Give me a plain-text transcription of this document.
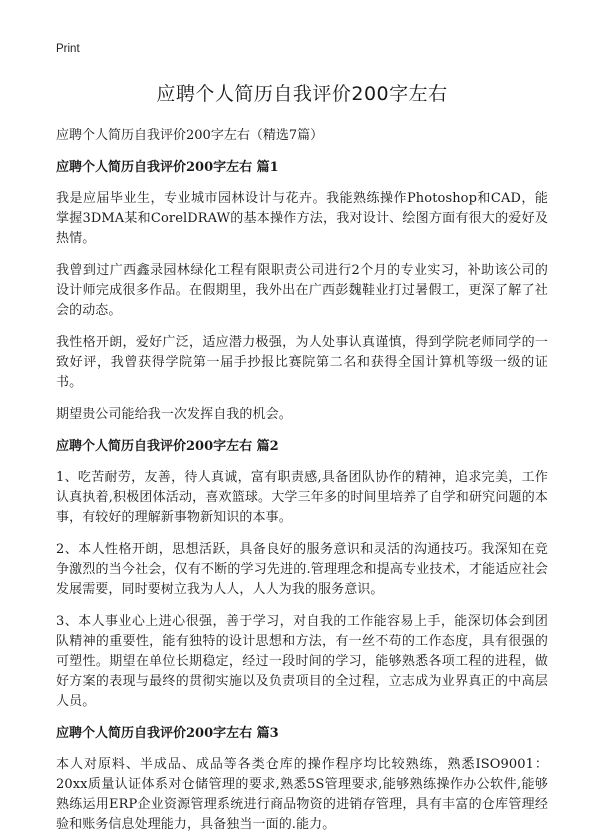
Print
应聘个人简历自我评价200字左右
应聘个人简历自我评价200字左右（精选7篇）
应聘个人简历自我评价200字左右 篇1

我是应届毕业生，专业城市园林设计与花卉。我能熟练操作Photoshop和CAD，能掌握3DMA某和CorelDRAW的基本操作方法，我对设计、绘图方面有很大的爱好及热情。

我曾到过广西鑫录园林绿化工程有限职责公司进行2个月的专业实习，补助该公司的设计师完成很多作品。在假期里，我外出在广西彭魏鞋业打过暑假工，更深了解了社会的动态。

我性格开朗，爱好广泛，适应潜力极强，为人处事认真谨慎，得到学院老师同学的一致好评，我曾获得学院第一届手抄报比赛院第二名和获得全国计算机等级一级的证书。

期望贵公司能给我一次发挥自我的机会。

应聘个人简历自我评价200字左右 篇2

1、吃苦耐劳，友善，待人真诚，富有职责感,具备团队协作的精神，追求完美，工作认真执着,积极团体活动，喜欢篮球。大学三年多的时间里培养了自学和研究问题的本事，有较好的理解新事物新知识的本事。

2、本人性格开朗，思想活跃，具备良好的服务意识和灵活的沟通技巧。我深知在竞争激烈的当今社会，仅有不断的学习先进的.管理理念和提高专业技术，才能适应社会发展需要，同时要树立我为人人，人人为我的服务意识。

3、本人事业心上进心很强，善于学习，对自我的工作能容易上手，能深切体会到团队精神的重要性，能有独特的设计思想和方法，有一丝不苟的工作态度，具有很强的可塑性。期望在单位长期稳定，经过一段时间的学习，能够熟悉各项工程的进程，做好方案的表现与最终的贯彻实施以及负责项目的全过程，立志成为业界真正的中高层人员。

应聘个人简历自我评价200字左右 篇3

本人对原料、半成品、成品等各类仓库的操作程序均比较熟练，熟悉ISO9001：20xx质量认证体系对仓储管理的要求,熟悉5S管理要求,能够熟练操作办公软件,能够熟练运用ERP企业资源管理系统进行商品物资的进销存管理，具有丰富的仓库管理经验和账务信息处理能力，具备独当一面的.能力。
